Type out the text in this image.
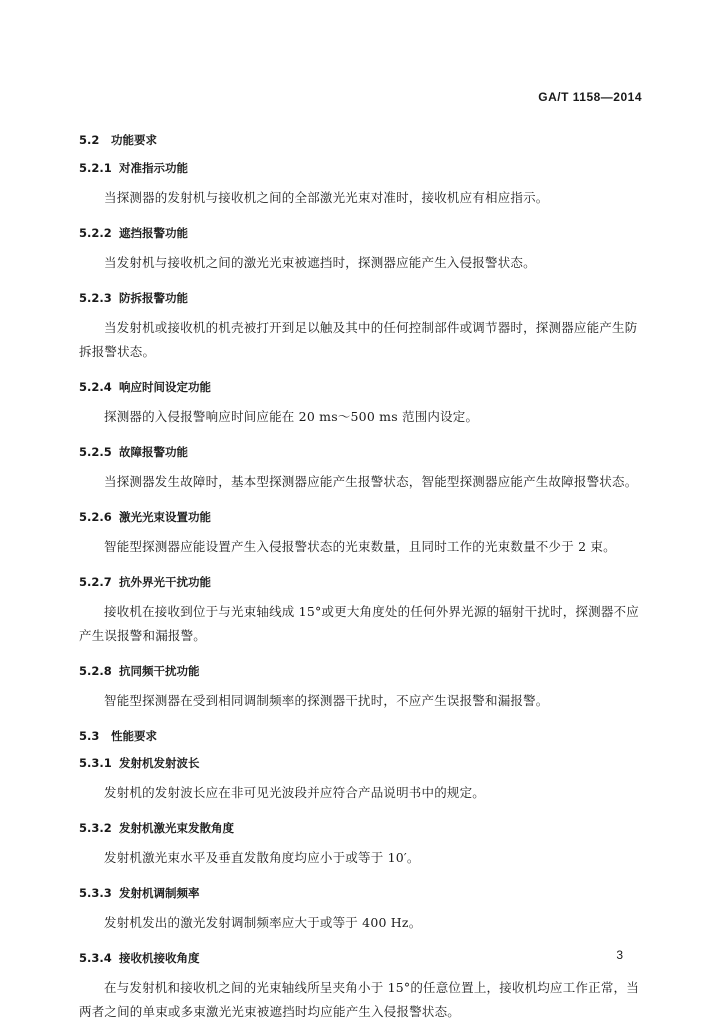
GA/T 1158—2014
5.2 功能要求
5.2.1 对准指示功能
当探测器的发射机与接收机之间的全部激光光束对准时，接收机应有相应指示。
5.2.2 遮挡报警功能
当发射机与接收机之间的激光光束被遮挡时，探测器应能产生入侵报警状态。
5.2.3 防拆报警功能
当发射机或接收机的机壳被打开到足以触及其中的任何控制部件或调节器时，探测器应能产生防拆报警状态。
5.2.4 响应时间设定功能
探测器的入侵报警响应时间应能在 20 ms～500 ms 范围内设定。
5.2.5 故障报警功能
当探测器发生故障时，基本型探测器应能产生报警状态，智能型探测器应能产生故障报警状态。
5.2.6 激光光束设置功能
智能型探测器应能设置产生入侵报警状态的光束数量，且同时工作的光束数量不少于 2 束。
5.2.7 抗外界光干扰功能
接收机在接收到位于与光束轴线成 15°或更大角度处的任何外界光源的辐射干扰时，探测器不应产生误报警和漏报警。
5.2.8 抗同频干扰功能
智能型探测器在受到相同调制频率的探测器干扰时，不应产生误报警和漏报警。
5.3 性能要求
5.3.1 发射机发射波长
发射机的发射波长应在非可见光波段并应符合产品说明书中的规定。
5.3.2 发射机激光束发散角度
发射机激光束水平及垂直发散角度均应小于或等于 10′。
5.3.3 发射机调制频率
发射机发出的激光发射调制频率应大于或等于 400 Hz。
5.3.4 接收机接收角度
在与发射机和接收机之间的光束轴线所呈夹角小于 15°的任意位置上，接收机均应工作正常，当两者之间的单束或多束激光光束被遮挡时均应能产生入侵报警状态。
3
